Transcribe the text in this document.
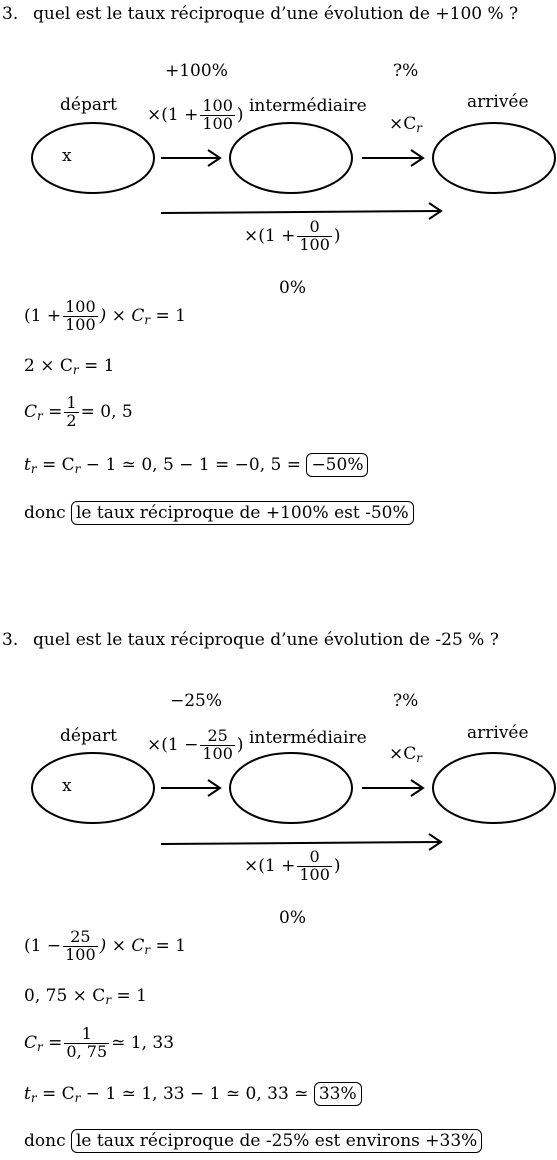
3. quel est le taux réciproque d’une évolution de +100 % ?
+100%	?%
départ	intermédiaire	arrivée
$\times(1 + \frac{100}{100}$ )	$\times C_r$
x
$\times(1 + \frac{0}{100}$ )
0%
($1 + \frac{100}{100}$ ) × $C_r = 1$
$2 \times C_r = 1$
$C_r = \frac{1}{2} = 0$, 5
$t_r = C_r - 1$ ≃ 0, 5 − 1 = −0, 5 = −50%
donc le taux réciproque de +100% est -50%
3. quel est le taux réciproque d’une évolution de -25 % ?
−25%	?%
départ	intermédiaire	arrivée
$\times(1 - \frac{25}{100}$ )	$\times C_r$
x
$\times(1 + \frac{0}{100}$ )
0%
($1 - \frac{25}{100}$ ) × $C_r = 1$
0, $75 \times C_r = 1$
$C_r = \frac{1}{0, 75}$ ≃ 1, 33
$t_r = C_r - 1$ ≃ 1, 33 − 1 ≃ 0, 33 ≃ 33%
donc le taux réciproque de -25% est environs +33%
